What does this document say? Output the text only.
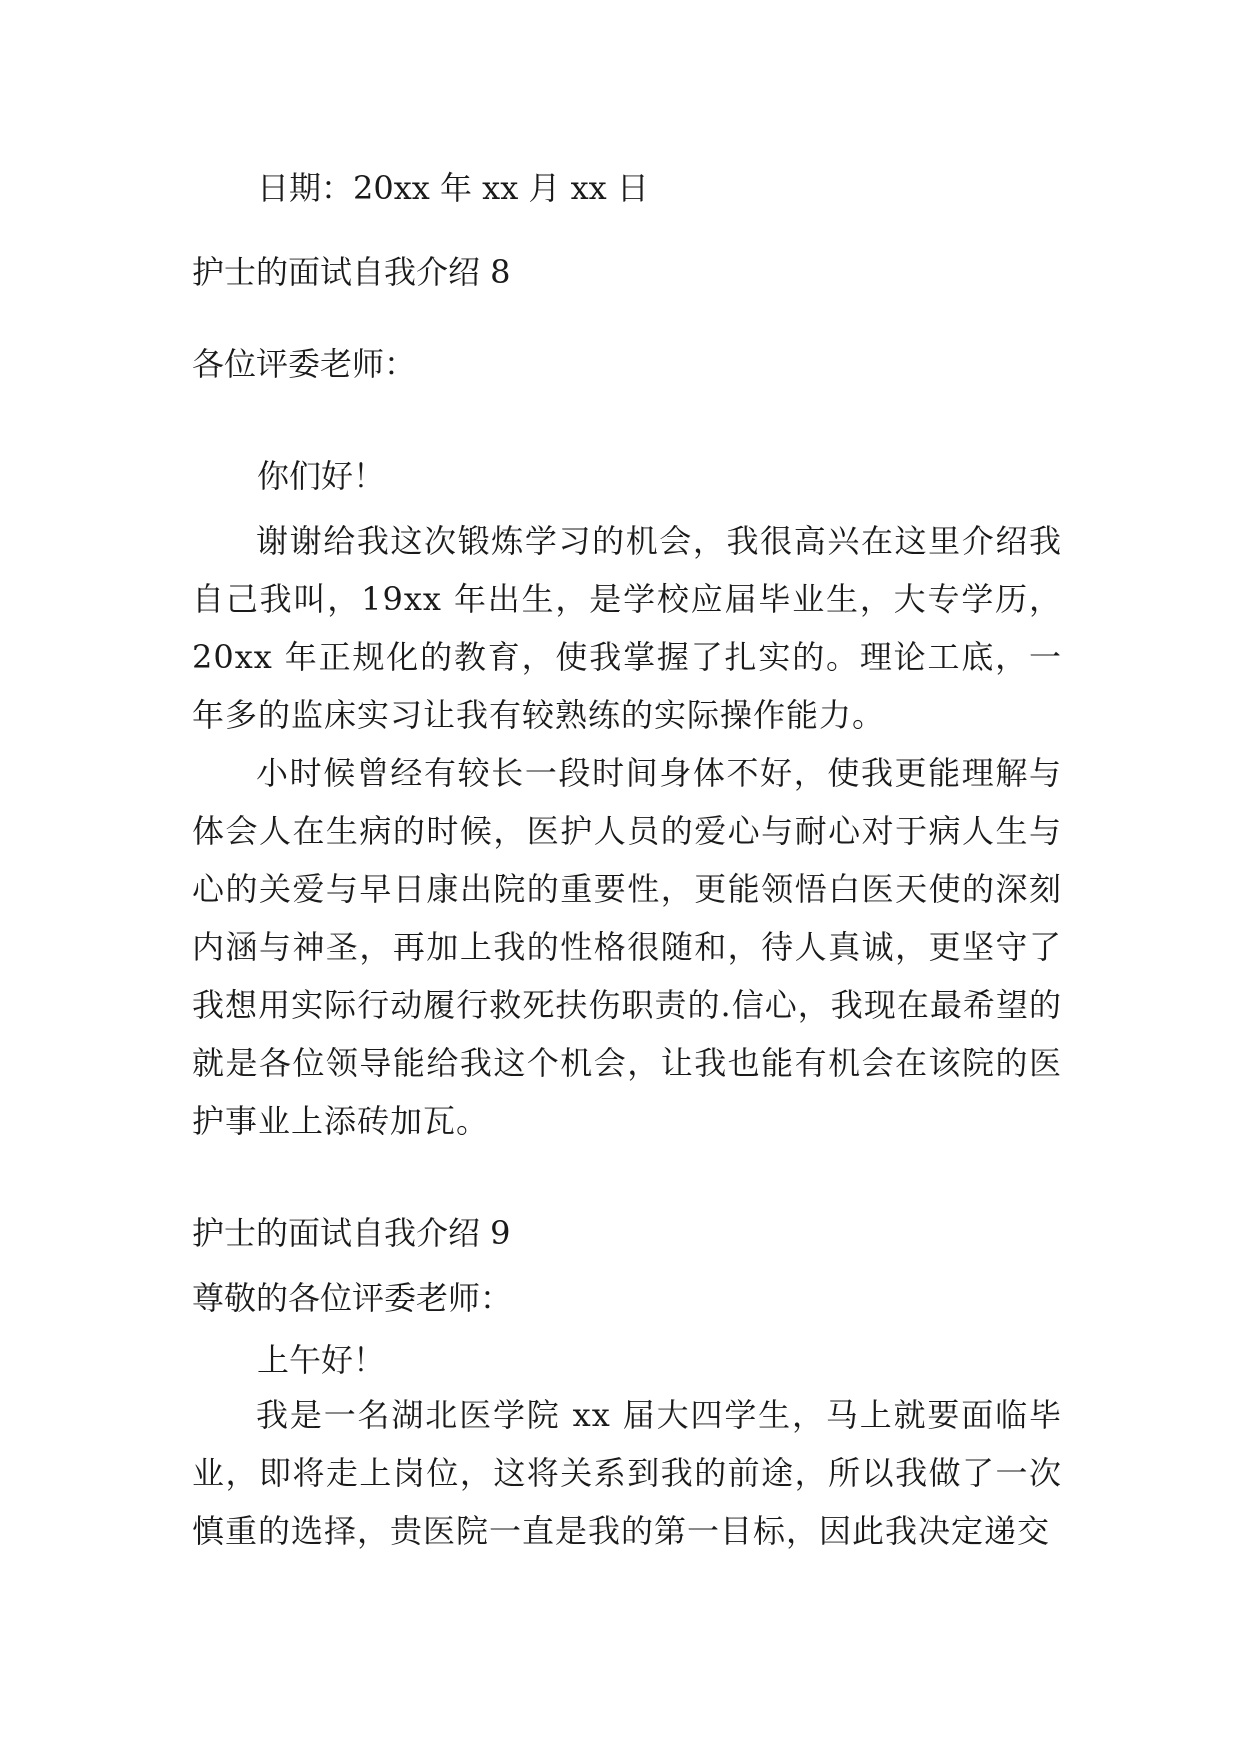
日期：20xx 年 xx 月 xx 日
护士的面试自我介绍 8
各位评委老师：
你们好！
谢谢给我这次锻炼学习的机会，我很高兴在这里介绍我自己我叫，19xx 年出生，是学校应届毕业生，大专学历，20xx 年正规化的教育，使我掌握了扎实的。理论工底，一年多的监床实习让我有较熟练的实际操作能力。
小时候曾经有较长一段时间身体不好，使我更能理解与体会人在生病的时候，医护人员的爱心与耐心对于病人生与心的关爱与早日康出院的重要性，更能领悟白医天使的深刻内涵与神圣，再加上我的性格很随和，待人真诚，更坚守了我想用实际行动履行救死扶伤职责的.信心，我现在最希望的就是各位领导能给我这个机会，让我也能有机会在该院的医护事业上添砖加瓦。
护士的面试自我介绍 9
尊敬的各位评委老师：
上午好！
我是一名湖北医学院 xx 届大四学生，马上就要面临毕业，即将走上岗位，这将关系到我的前途，所以我做了一次慎重的选择，贵医院一直是我的第一目标，因此我决定递交
